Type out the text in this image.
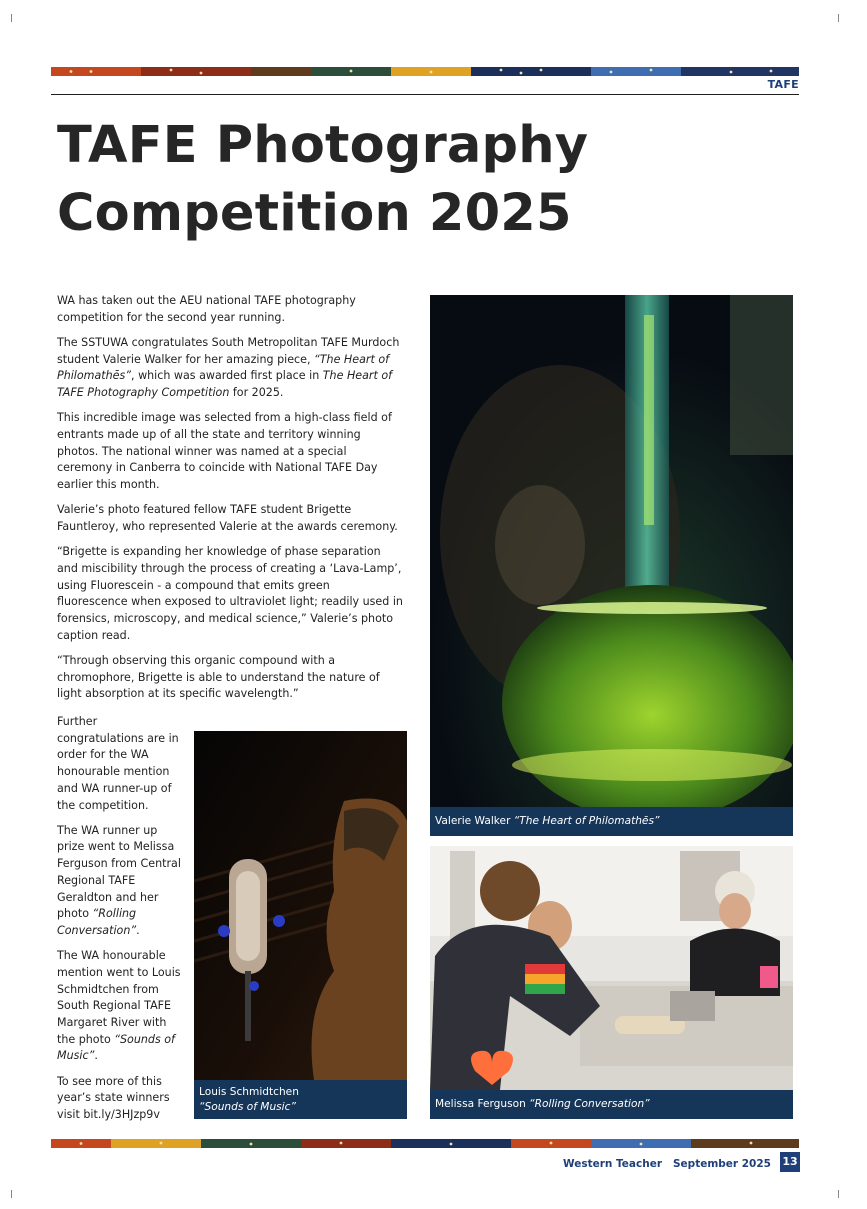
TAFE
TAFE Photography
Competition 2025

WA has taken out the AEU national TAFE photography competition for the second year running.

The SSTUWA congratulates South Metropolitan TAFE Murdoch student Valerie Walker for her amazing piece, “The Heart of Philomathēs”, which was awarded first place in The Heart of TAFE Photography Competition for 2025.

This incredible image was selected from a high-class field of entrants made up of all the state and territory winning photos. The national winner was named at a special ceremony in Canberra to coincide with National TAFE Day earlier this month.

Valerie’s photo featured fellow TAFE student Brigette Fauntleroy, who represented Valerie at the awards ceremony.

“Brigette is expanding her knowledge of phase separation and miscibility through the process of creating a ‘Lava-Lamp’, using Fluorescein - a compound that emits green fluorescence when exposed to ultraviolet light; readily used in forensics, microscopy, and medical science,” Valerie’s photo caption read.

“Through observing this organic compound with a chromophore, Brigette is able to understand the nature of light absorption at its specific wavelength.”

Further congratulations are in order for the WA honourable mention and WA runner-up of the competition.

The WA runner up prize went to Melissa Ferguson from Central Regional TAFE Geraldton and her photo “Rolling Conversation”.

The WA honourable mention went to Louis Schmidtchen from South Regional TAFE Margaret River with the photo “Sounds of Music”.

To see more of this year’s state winners visit bit.ly/3HJzp9v

Valerie Walker “The Heart of Philomathēs”
Louis Schmidtchen
“Sounds of Music”	Melissa Ferguson “Rolling Conversation”
Western Teacher September 2025 13
